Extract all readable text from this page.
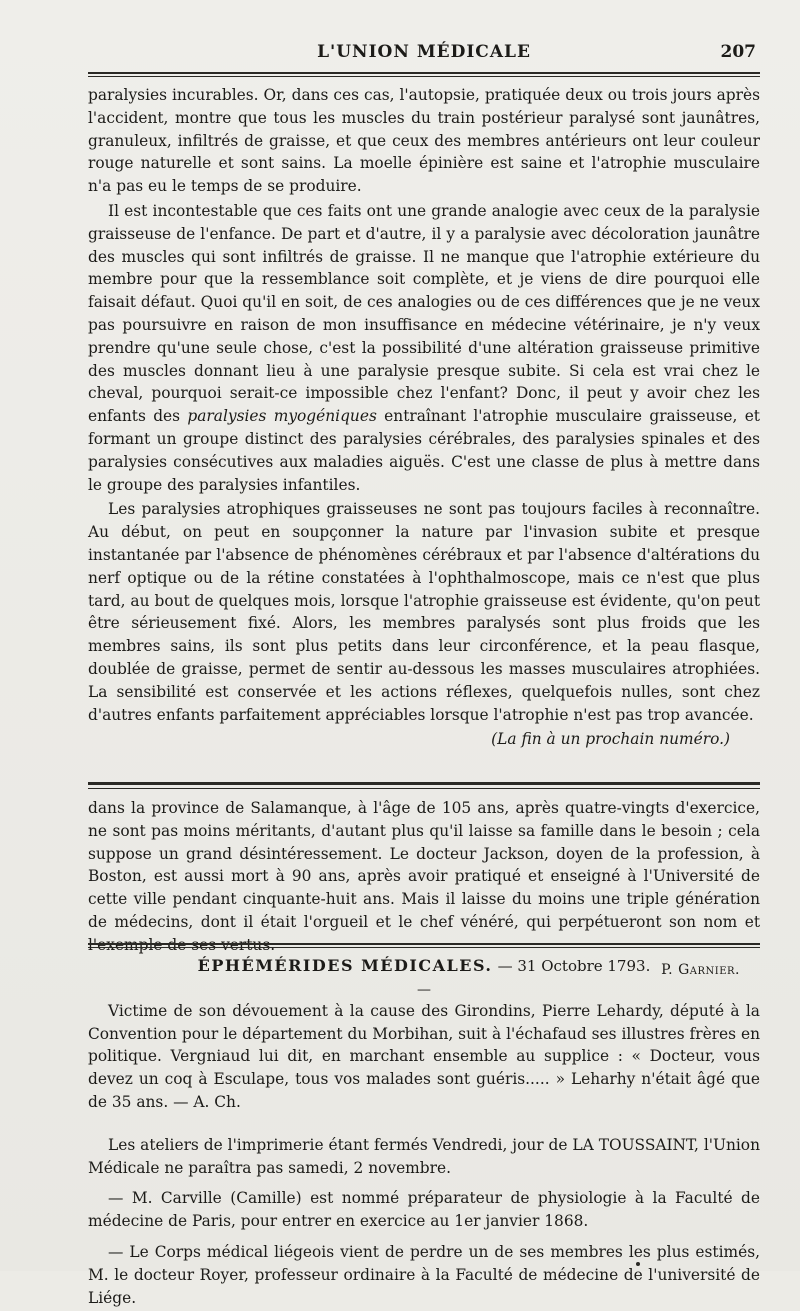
L'UNION MÉDICALE	207

paralysies incurables. Or, dans ces cas, l'autopsie, pratiquée deux ou trois jours après l'accident, montre que tous les muscles du train postérieur paralysé sont jaunâtres, granuleux, infiltrés de graisse, et que ceux des membres antérieurs ont leur couleur rouge naturelle et sont sains. La moelle épinière est saine et l'atrophie musculaire n'a pas eu le temps de se produire.

Il est incontestable que ces faits ont une grande analogie avec ceux de la paralysie graisseuse de l'enfance. De part et d'autre, il y a paralysie avec décoloration jaunâtre des muscles qui sont infiltrés de graisse. Il ne manque que l'atrophie extérieure du membre pour que la ressemblance soit complète, et je viens de dire pourquoi elle faisait défaut. Quoi qu'il en soit, de ces analogies ou de ces différences que je ne veux pas poursuivre en raison de mon insuffisance en médecine vétérinaire, je n'y veux prendre qu'une seule chose, c'est la possibilité d'une altération graisseuse primitive des muscles donnant lieu à une paralysie presque subite. Si cela est vrai chez le cheval, pourquoi serait-ce impossible chez l'enfant? Donc, il peut y avoir chez les enfants des paralysies myogéniques entraînant l'atrophie musculaire graisseuse, et formant un groupe distinct des paralysies cérébrales, des paralysies spinales et des paralysies consécutives aux maladies aiguës. C'est une classe de plus à mettre dans le groupe des paralysies infantiles.

Les paralysies atrophiques graisseuses ne sont pas toujours faciles à reconnaître. Au début, on peut en soupçonner la nature par l'invasion subite et presque instantanée par l'absence de phénomènes cérébraux et par l'absence d'altérations du nerf optique ou de la rétine constatées à l'ophthalmoscope, mais ce n'est que plus tard, au bout de quelques mois, lorsque l'atrophie graisseuse est évidente, qu'on peut être sérieusement fixé. Alors, les membres paralysés sont plus froids que les membres sains, ils sont plus petits dans leur circonférence, et la peau flasque, doublée de graisse, permet de sentir au-dessous les masses musculaires atrophiées. La sensibilité est conservée et les actions réflexes, quelquefois nulles, sont chez d'autres enfants parfaitement appréciables lorsque l'atrophie n'est pas trop avancée.

(La fin à un prochain numéro.)

dans la province de Salamanque, à l'âge de 105 ans, après quatre-vingts d'exercice, ne sont pas moins méritants, d'autant plus qu'il laisse sa famille dans le besoin ; cela suppose un grand désintéressement. Le docteur Jackson, doyen de la profession, à Boston, est aussi mort à 90 ans, après avoir pratiqué et enseigné à l'Université de cette ville pendant cinquante-huit ans. Mais il laisse du moins une triple génération de médecins, dont il était l'orgueil et le chef vénéré, qui perpétueront son nom et

P. Garnier.
ÉPHÉMÉRIDES MÉDICALES. — 31 Octobre 1793.
—

Victime de son dévouement à la cause des Girondins, Pierre Lehardy, député à la Convention pour le département du Morbihan, suit à l'échafaud ses illustres frères en politique. Vergniaud lui dit, en marchant ensemble au supplice : « Docteur, vous devez un coq à Esculape, tous vos malades sont guéris..... » Leharhy n'était âgé que de 35 ans. — A. Ch.

Les ateliers de l'imprimerie étant fermés Vendredi, jour de LA TOUSSAINT, l'Union Médicale ne paraîtra pas samedi, 2 novembre.

— M. Carville (Camille) est nommé préparateur de physiologie à la Faculté de médecine de Paris, pour entrer en exercice au 1er janvier 1868.

— Le Corps médical liégeois vient de perdre un de ses membres les plus estimés, M. le docteur Royer, professeur ordinaire à la Faculté de médecine de l'université de Liége.
